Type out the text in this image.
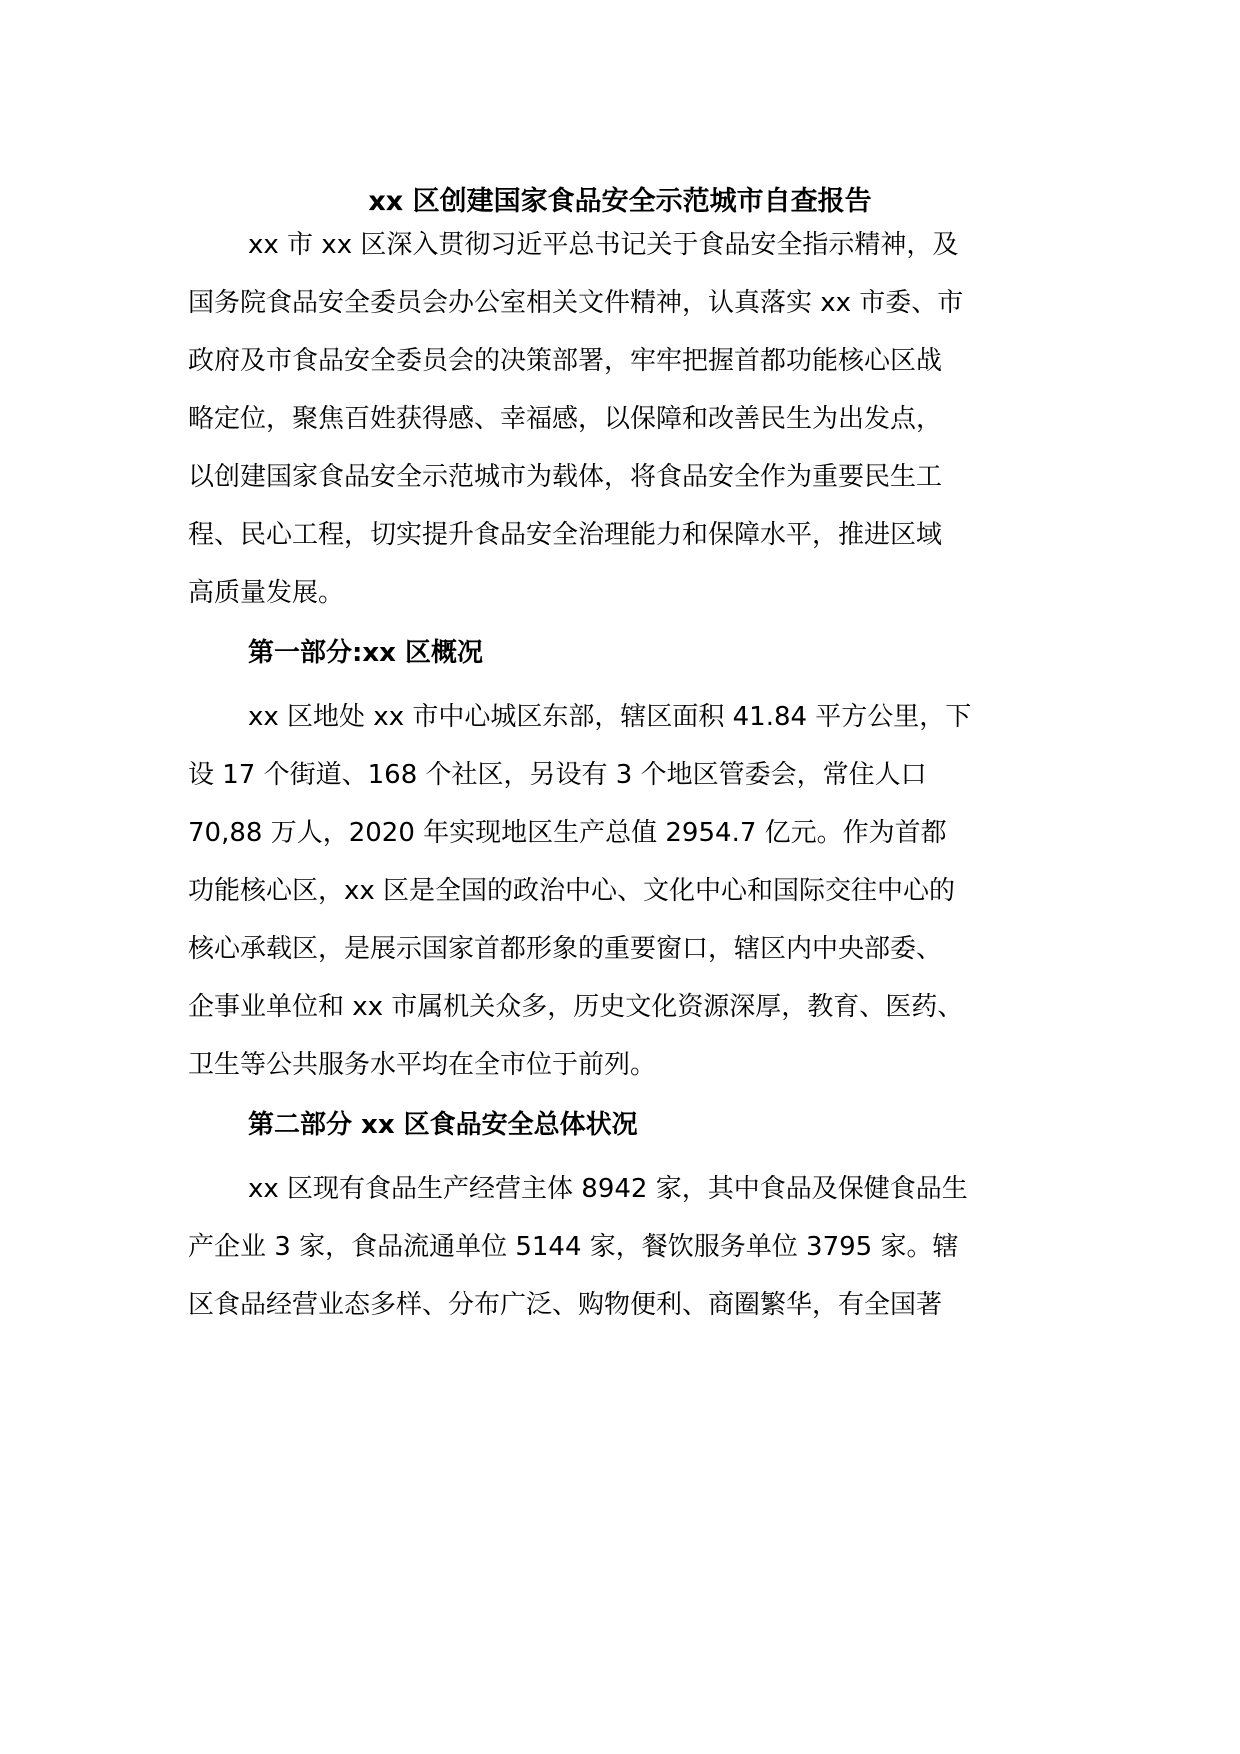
xx 区创建国家食品安全示范城市自查报告
xx 市 xx 区深入贯彻习近平总书记关于食品安全指示精神，及
国务院食品安全委员会办公室相关文件精神，认真落实 xx 市委、市
政府及市食品安全委员会的决策部署，牢牢把握首都功能核心区战
略定位，聚焦百姓获得感、幸福感，以保障和改善民生为出发点，
以创建国家食品安全示范城市为载体，将食品安全作为重要民生工
程、民心工程，切实提升食品安全治理能力和保障水平，推进区域
高质量发展。
第一部分:xx 区概况
xx 区地处 xx 市中心城区东部，辖区面积 41.84 平方公里，下
设 17 个街道、168 个社区，另设有 3 个地区管委会，常住人口
70,88 万人，2020 年实现地区生产总值 2954.7 亿元。作为首都
功能核心区，xx 区是全国的政治中心、文化中心和国际交往中心的
核心承载区，是展示国家首都形象的重要窗口，辖区内中央部委、
企事业单位和 xx 市属机关众多，历史文化资源深厚，教育、医药、
卫生等公共服务水平均在全市位于前列。
第二部分 xx 区食品安全总体状况
xx 区现有食品生产经营主体 8942 家，其中食品及保健食品生
产企业 3 家，食品流通单位 5144 家，餐饮服务单位 3795 家。辖
区食品经营业态多样、分布广泛、购物便利、商圈繁华，有全国著
